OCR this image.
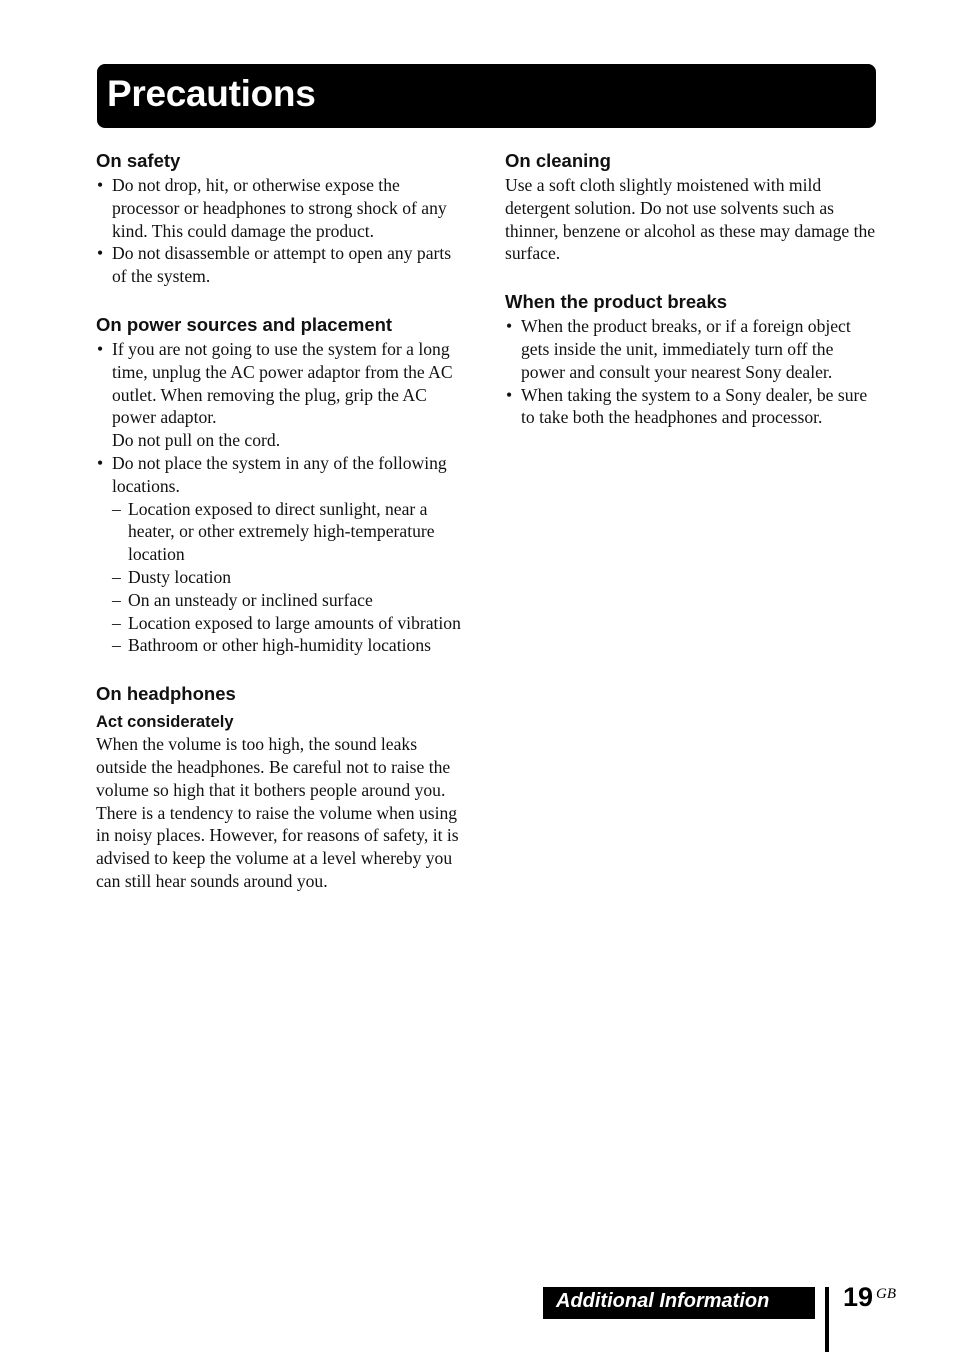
Precautions
On safety
• Do not drop, hit, or otherwise expose the processor or headphones to strong shock of any kind. This could damage the product.
• Do not disassemble or attempt to open any parts of the system.
On power sources and placement
• If you are not going to use the system for a long time, unplug the AC power adaptor from the AC outlet. When removing the plug, grip the AC power adaptor.
Do not pull on the cord.
• Do not place the system in any of the following locations.
– Location exposed to direct sunlight, near a heater, or other extremely high-temperature location
– Dusty location
– On an unsteady or inclined surface
– Location exposed to large amounts of vibration
– Bathroom or other high-humidity locations
On headphones
Act considerately

When the volume is too high, the sound leaks outside the headphones. Be careful not to raise the volume so high that it bothers people around you.

There is a tendency to raise the volume when using in noisy places. However, for reasons of safety, it is advised to keep the volume at a level whereby you can still hear sounds around you.

On cleaning

Use a soft cloth slightly moistened with mild detergent solution. Do not use solvents such as thinner, benzene or alcohol as these may damage the surface.

When the product breaks
• When the product breaks, or if a foreign object gets inside the unit, immediately turn off the power and consult your nearest Sony dealer.
• When taking the system to a Sony dealer, be sure to take both the headphones and processor.
Additional Information	19 GB
